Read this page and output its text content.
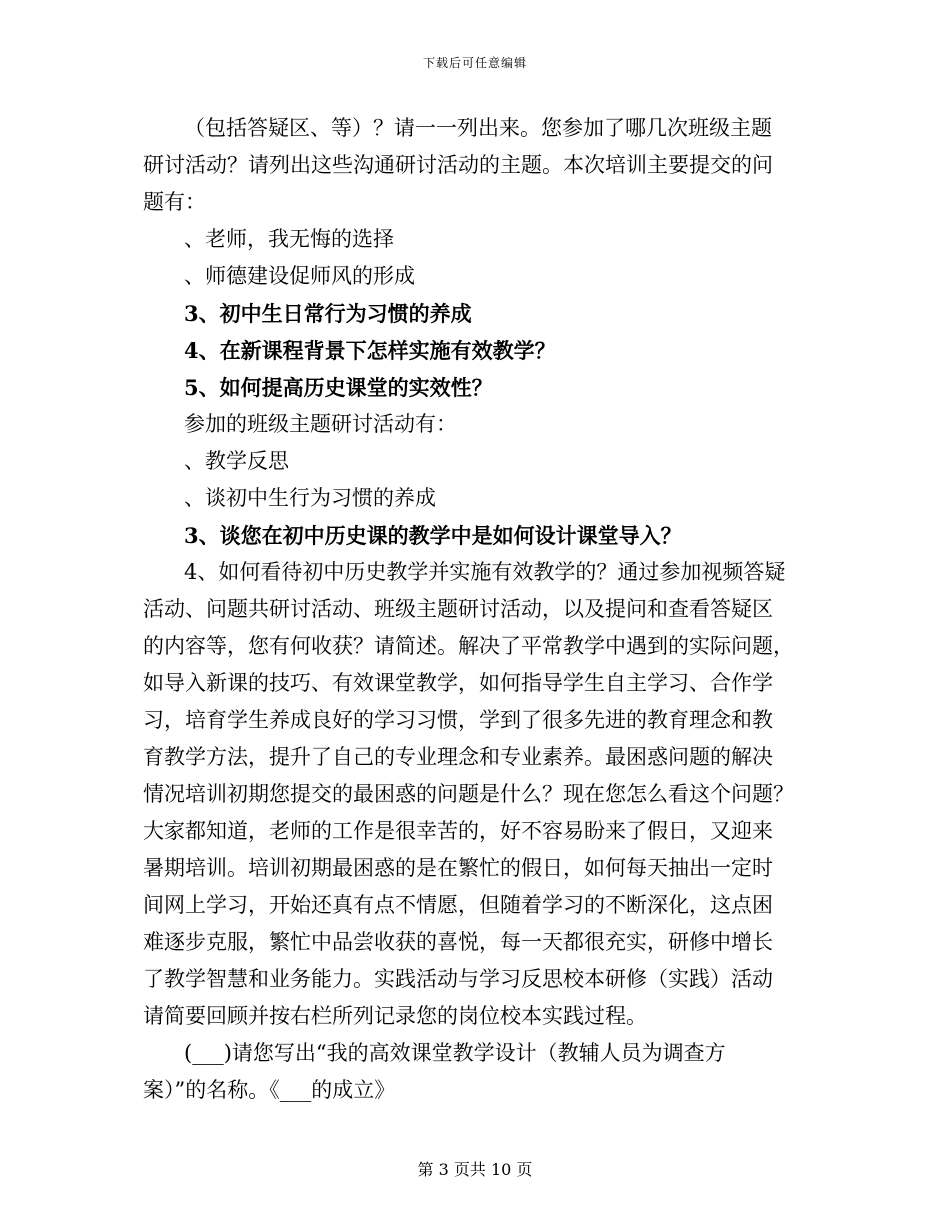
下载后可任意编辑
（包括答疑区、等）？请一一列出来。您参加了哪几次班级主题
研讨活动？请列出这些沟通研讨活动的主题。本次培训主要提交的问
题有：
、老师，我无悔的选择
、师德建设促师风的形成
3、初中生日常行为习惯的养成
4、在新课程背景下怎样实施有效教学？
5、如何提高历史课堂的实效性？
参加的班级主题研讨活动有：
、教学反思
、谈初中生行为习惯的养成
3、谈您在初中历史课的教学中是如何设计课堂导入？
4、如何看待初中历史教学并实施有效教学的？通过参加视频答疑
活动、问题共研讨活动、班级主题研讨活动，以及提问和查看答疑区
的内容等，您有何收获？请简述。解决了平常教学中遇到的实际问题，
如导入新课的技巧、有效课堂教学，如何指导学生自主学习、合作学
习，培育学生养成良好的学习习惯，学到了很多先进的教育理念和教
育教学方法，提升了自己的专业理念和专业素养。最困惑问题的解决
情况培训初期您提交的最困惑的问题是什么？现在您怎么看这个问题？
大家都知道，老师的工作是很幸苦的，好不容易盼来了假日，又迎来
暑期培训。培训初期最困惑的是在繁忙的假日，如何每天抽出一定时
间网上学习，开始还真有点不情愿，但随着学习的不断深化，这点困
难逐步克服，繁忙中品尝收获的喜悦，每一天都很充实，研修中增长
了教学智慧和业务能力。实践活动与学习反思校本研修（实践）活动
请简要回顾并按右栏所列记录您的岗位校本实践过程。
(___)请您写出“我的高效课堂教学设计（教辅人员为调查方
案）”的名称。《___的成立》
第 3 页共 10 页
